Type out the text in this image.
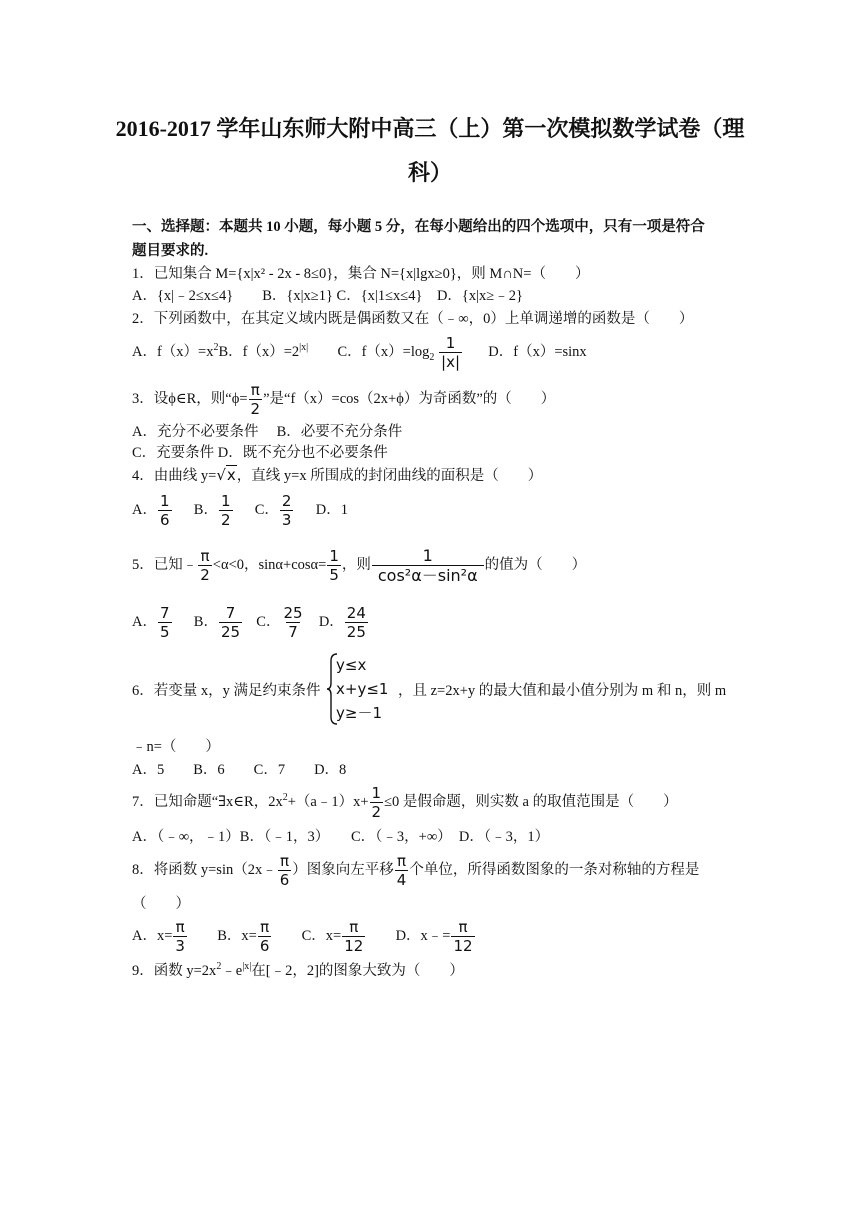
2016-2017 学年山东师大附中高三（上）第一次模拟数学试卷（理
科）
一、选择题：本题共 10 小题，每小题 5 分，在每小题给出的四个选项中，只有一项是符合
题目要求的.
1．已知集合 M={x|x² - 2x - 8≤0}，集合 N={x|lgx≥0}，则 M∩N=（　　）
A．{x|﹣2≤x≤4}　　B．{x|x≥1} C．{x|1≤x≤4}　D．{x|x≥﹣2}
2．下列函数中，在其定义域内既是偶函数又在（﹣∞，0）上单调递增的函数是（　　）
A．$f(x)=x^2B$．$f(x)=2^{|x|}$ C．$f(x)=\log_2 \frac{1}{|x|}$ D．f（x）=sinx
3．设ϕ∈R，则“$\phi= \frac{\pi}{2}$ ”是“f（x）=cos（2x+ϕ）为奇函数”的（　　）
A．充分不必要条件　 B．必要不充分条件
C．充要条件 D．既不充分也不必要条件
4．由曲线 y=√x，直线 y=x 所围成的封闭曲线的面积是（　　）
A． $\frac{1}{6}$ B． $\frac{1}{2}$ C． $\frac{2}{3}$ D．1
5．已知﹣ $\frac{\pi}{2} <\alpha<0$，$\sin\alpha+\cos\alpha= \frac{1}{5}$ ，则 $\frac{1}{\text{cos²α－sin²α}}$ 的值为（　　）
A． $\frac{7}{5}$ B． $\frac{7}{25}$ C． $\frac{25}{7}$ D． $\frac{24}{25}$
6．若变量 x，y 满足约束条件
y≤x
x+y≤1
y≥－1
，且 z=2x+y 的最大值和最小值分别为 m 和 n，则 m
﹣n=（　　）
A．5　　B．6　　C．7　　D．8
7．已知命题“∃x∈R，$2x^2+(a﹣1)x+ \frac{1}{2} \le 0$ 是假命题，则实数 a 的取值范围是（　　）
A．（﹣∞，﹣1）B．（﹣1，3）　　C．（﹣3，+∞）　D．（﹣3，1）
8．将函数 y=sin（2x﹣ $\frac{\pi}{6}$ ）图象向左平移 $\frac{\pi}{4}$ 个单位，所得函数图象的一条对称轴的方程是
（　　）
A．$x= \frac{\pi}{3}$ B．$x= \frac{\pi}{6}$ C．$x= \frac{\pi}{12}$ D．x﹣= $\frac{\pi}{12}$
9．函数 $y=2x^2﹣e^{|x|}$在[﹣2，2]的图象大致为（　　）
